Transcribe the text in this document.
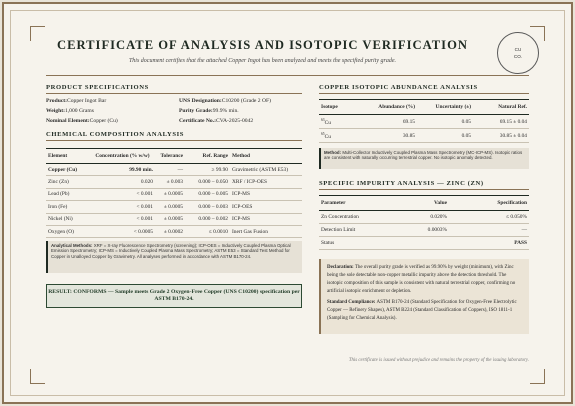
CERTIFICATE OF ANALYSIS AND ISOTOPIC VERIFICATION
This document certifies that the attached Copper Ingot has been analyzed and meets the specified purity grade.
CU
CO.
PRODUCT SPECIFICATIONS
Product:Copper Ingot Bar	UNS Designation:C10200 (Grade 2 OF)
Weight:1,000 Grams	Purity Grade:99.9% min.
Nominal Element:Copper (Cu)	Certificate No.:CVA-2025-0042
CHEMICAL COMPOSITION ANALYSIS
Element	Concentration (% w/w)	Tolerance	Ref. Range	Method
Copper (Cu)	99.90 min.	—	≥ 99.90	Gravimetric (ASTM E53)
Zinc (Zn)	0.020	± 0.003	0.000 – 0.050	XRF / ICP-OES
Lead (Pb)	< 0.001	± 0.0005	0.000 – 0.005	ICP-MS
Iron (Fe)	< 0.001	± 0.0005	0.000 – 0.003	ICP-OES
Nickel (Ni)	< 0.001	± 0.0005	0.000 – 0.002	ICP-MS
Oxygen (O)	< 0.0005	± 0.0002	≤ 0.0010	Inert Gas Fusion
Analytical Methods: XRF = X-ray Fluorescence Spectrometry (screening); ICP-OES = Inductively Coupled Plasma Optical Emission Spectrometry; ICP-MS = Inductively Coupled Plasma Mass Spectrometry; ASTM E53 = Standard Test Method for Copper in Unalloyed Copper by Gravimetry. All analyses performed in accordance with ASTM B170-24.
RESULT: CONFORMS — Sample meets Grade 2 Oxygen-Free Copper (UNS C10200) specification per ASTM B170-24.
COPPER ISOTOPIC ABUNDANCE ANALYSIS
Isotope	Abundance (%)	Uncertainty (±)	Natural Ref.
$^{63}$Cu	69.15	0.05	69.15 ± 0.04
$^{65}$Cu	30.85	0.05	30.85 ± 0.04
Method: Multi-Collector Inductively Coupled Plasma Mass Spectrometry (MC-ICP-MS). Isotopic ratios are consistent with naturally occurring terrestrial copper. No isotopic anomaly detected.
SPECIFIC IMPURITY ANALYSIS — ZINC (ZN)
Parameter	Value	Specification
Zn Concentration	0.020%	≤ 0.050%
Detection Limit	0.0003%	—
Status		PASS

Declaration: The overall purity grade is verified as 99.90% by weight (minimum), with Zinc being the sole detectable non-copper metallic impurity above the detection threshold. The isotopic composition of this sample is consistent with natural terrestrial copper, confirming no artificial isotopic enrichment or depletion.

Standard Compliance: ASTM B170-24 (Standard Specification for Oxygen-Free Electrolytic Copper — Refinery Shapes), ASTM B224 (Standard Classification of Coppers), ISO 1811-1 (Sampling for Chemical Analysis).

This certificate is issued without prejudice and remains the property of the issuing laboratory.
